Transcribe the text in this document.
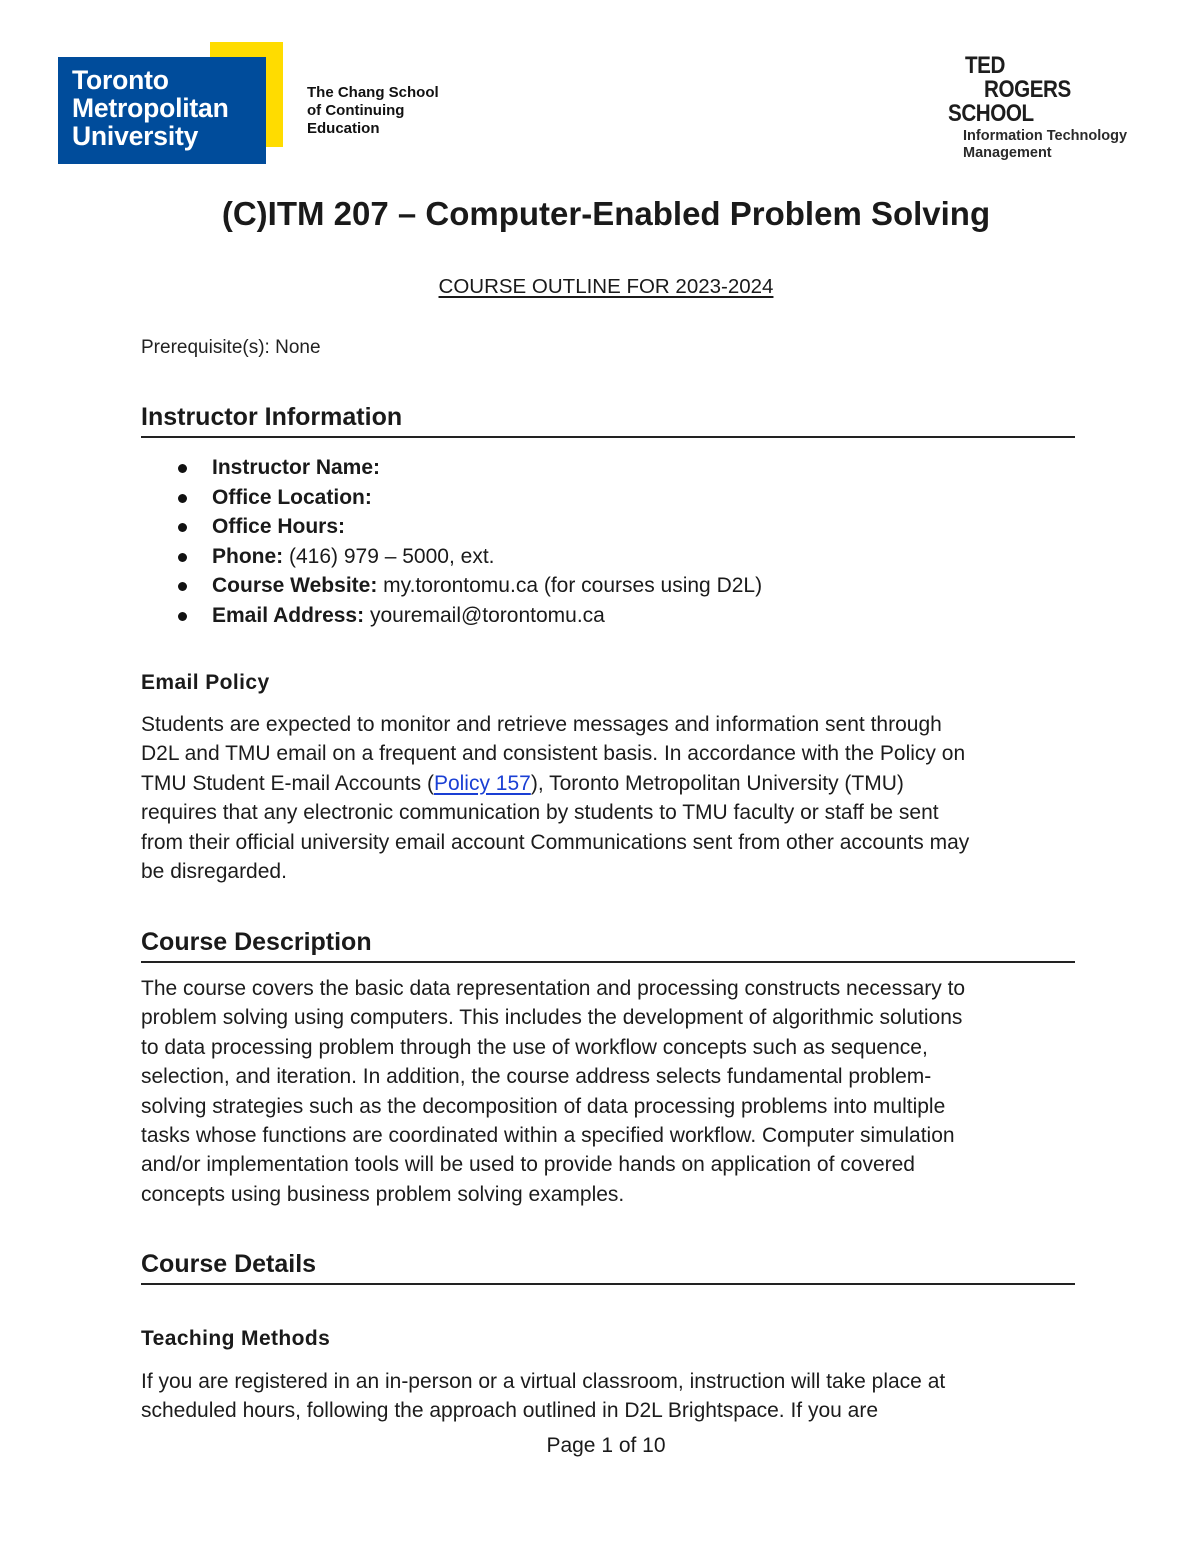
Toronto
Metropolitan
University
The Chang School
of Continuing
Education
TED
ROGERS
SCHOOL
Information Technology
Management
(C)ITM 207 – Computer-Enabled Problem Solving
COURSE OUTLINE FOR 2023-2024
Prerequisite(s): None
Instructor Information
Instructor Name:
Office Location:
Office Hours:
Phone: (416) 979 – 5000, ext.
Course Website: my.torontomu.ca (for courses using D2L)
Email Address: youremail@torontomu.ca
Email Policy
Students are expected to monitor and retrieve messages and information sent through
D2L and TMU email on a frequent and consistent basis. In accordance with the Policy on
TMU Student E-mail Accounts (Policy 157), Toronto Metropolitan University (TMU)
requires that any electronic communication by students to TMU faculty or staff be sent
from their official university email account Communications sent from other accounts may
be disregarded.
Course Description
The course covers the basic data representation and processing constructs necessary to
problem solving using computers. This includes the development of algorithmic solutions
to data processing problem through the use of workflow concepts such as sequence,
selection, and iteration. In addition, the course address selects fundamental problem-
solving strategies such as the decomposition of data processing problems into multiple
tasks whose functions are coordinated within a specified workflow. Computer simulation
and/or implementation tools will be used to provide hands on application of covered
concepts using business problem solving examples.
Course Details
Teaching Methods
If you are registered in an in-person or a virtual classroom, instruction will take place at
scheduled hours, following the approach outlined in D2L Brightspace. If you are
Page 1 of 10
